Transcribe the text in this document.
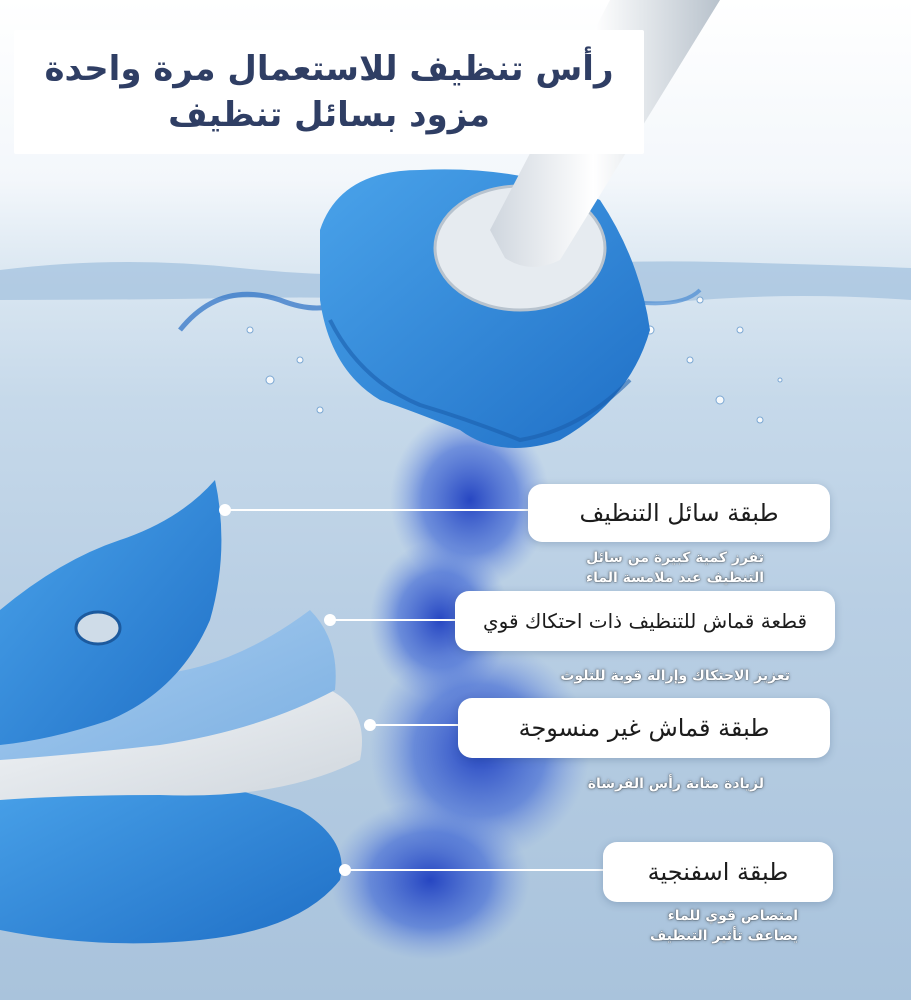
رأس تنظيف للاستعمال مرة واحدة
مزود بسائل تنظيف
طبقة سائل التنظيف
تفرز كمية كبيرة من سائل
التنظيف عند ملامسة الماء
قطعة قماش للتنظيف ذات احتكاك قوي
تعزيز الاحتكاك وإزالة قوية للتلوث
طبقة قماش غير منسوجة
لزيادة متانة رأس الفرشاة
طبقة اسفنجية
امتصاص قوي للماء
يضاعف تأثير التنظيف
